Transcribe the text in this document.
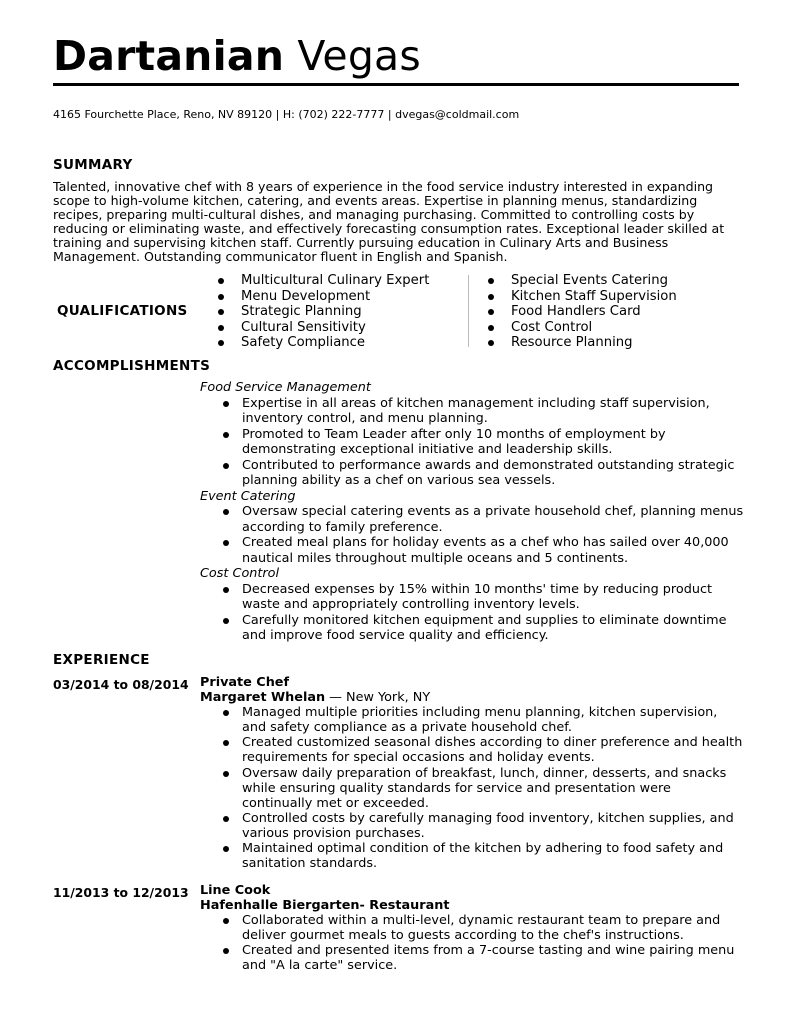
Dartanian Vegas
4165 Fourchette Place, Reno, NV 89120 | H: (702) 222-7777 | dvegas@coldmail.com
SUMMARY
Talented, innovative chef with 8 years of experience in the food service industry interested in expanding scope to high-volume kitchen, catering, and events areas. Expertise in planning menus, standardizing recipes, preparing multi-cultural dishes, and managing purchasing. Committed to controlling costs by reducing or eliminating waste, and effectively forecasting consumption rates. Exceptional leader skilled at training and supervising kitchen staff. Currently pursuing education in Culinary Arts and Business Management. Outstanding communicator fluent in English and Spanish.
QUALIFICATIONS
Multicultural Culinary Expert
Menu Development
Strategic Planning
Cultural Sensitivity
Safety Compliance
Special Events Catering
Kitchen Staff Supervision
Food Handlers Card
Cost Control
Resource Planning
ACCOMPLISHMENTS
Food Service Management
Expertise in all areas of kitchen management including staff supervision, inventory control, and menu planning.
Promoted to Team Leader after only 10 months of employment by demonstrating exceptional initiative and leadership skills.
Contributed to performance awards and demonstrated outstanding strategic planning ability as a chef on various sea vessels.
Event Catering
Oversaw special catering events as a private household chef, planning menus according to family preference.
Created meal plans for holiday events as a chef who has sailed over 40,000 nautical miles throughout multiple oceans and 5 continents.
Cost Control
Decreased expenses by 15% within 10 months' time by reducing product waste and appropriately controlling inventory levels.
Carefully monitored kitchen equipment and supplies to eliminate downtime and improve food service quality and efficiency.
EXPERIENCE
03/2014 to 08/2014 Private Chef
Margaret Whelan — New York, NY
Managed multiple priorities including menu planning, kitchen supervision, and safety compliance as a private household chef.
Created customized seasonal dishes according to diner preference and health requirements for special occasions and holiday events.
Oversaw daily preparation of breakfast, lunch, dinner, desserts, and snacks while ensuring quality standards for service and presentation were continually met or exceeded.
Controlled costs by carefully managing food inventory, kitchen supplies, and various provision purchases.
Maintained optimal condition of the kitchen by adhering to food safety and sanitation standards.
11/2013 to 12/2013 Line Cook
Hafenhalle Biergarten- Restaurant
Collaborated within a multi-level, dynamic restaurant team to prepare and deliver gourmet meals to guests according to the chef's instructions.
Created and presented items from a 7-course tasting and wine pairing menu and "A la carte" service.
